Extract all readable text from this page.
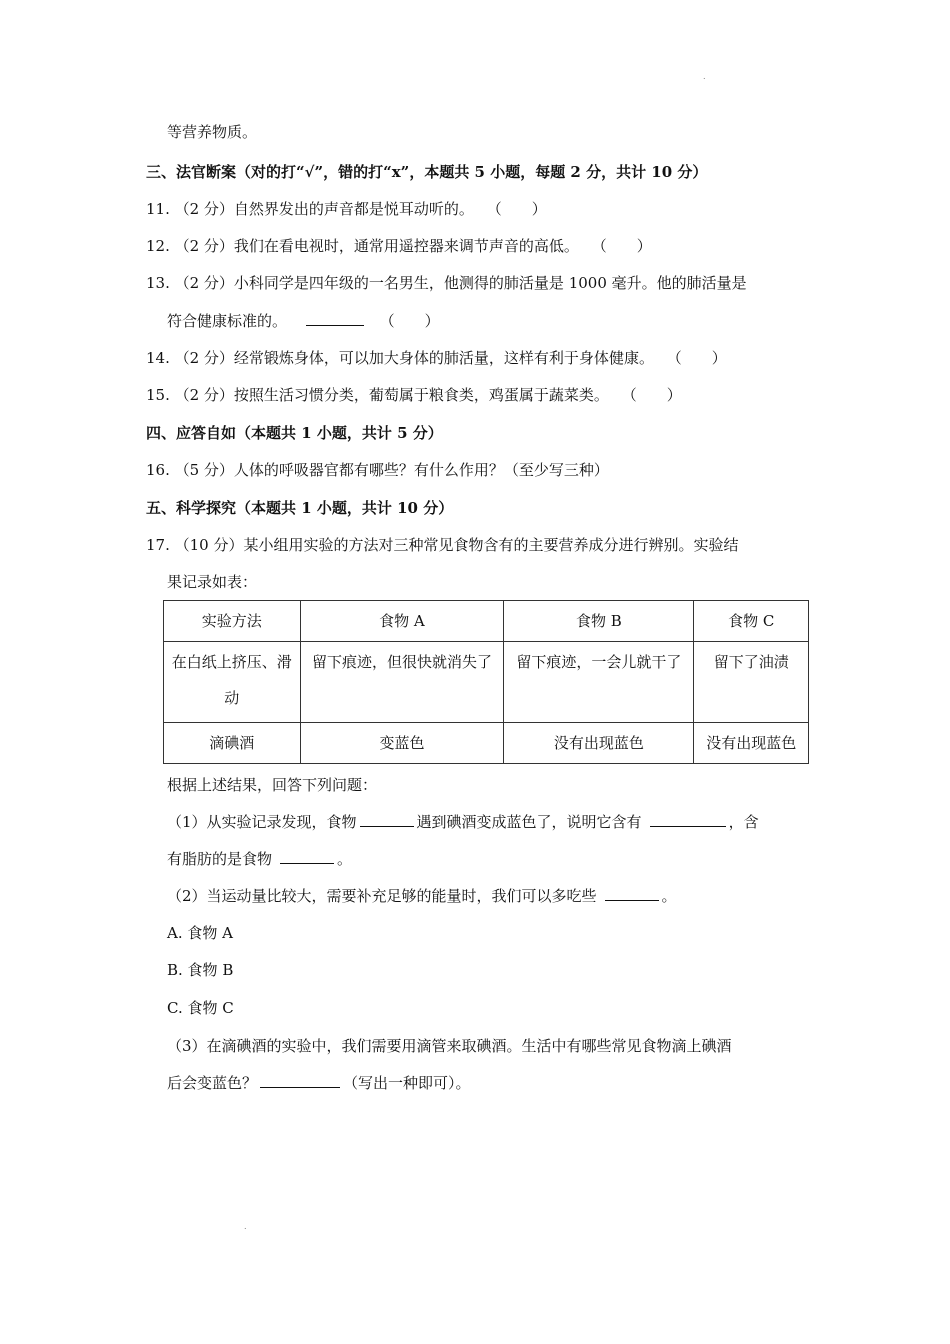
.
等营养物质。
三、法官断案（对的打“√”，错的打“x”，本题共 5 小题，每题 2 分，共计 10 分）
11. （2 分）自然界发出的声音都是悦耳动听的。 （ ）
12. （2 分）我们在看电视时，通常用遥控器来调节声音的高低。 （ ）
13. （2 分）小科同学是四年级的一名男生，他测得的肺活量是 1000 毫升。他的肺活量是
符合健康标准的。	（ ）
14. （2 分）经常锻炼身体，可以加大身体的肺活量，这样有利于身体健康。 （ ）
15. （2 分）按照生活习惯分类，葡萄属于粮食类，鸡蛋属于蔬菜类。 （ ）
四、应答自如（本题共 1 小题，共计 5 分）
16. （5 分）人体的呼吸器官都有哪些？有什么作用？（至少写三种）
五、科学探究（本题共 1 小题，共计 10 分）
17. （10 分）某小组用实验的方法对三种常见食物含有的主要营养成分进行辨别。实验结
果记录如表：
实验方法	食物 A	食物 B	食物 C
在白纸上挤压、滑动	留下痕迹，但很快就消失了	留下痕迹，一会儿就干了	留下了油渍
滴碘酒	变蓝色	没有出现蓝色	没有出现蓝色
根据上述结果，回答下列问题：
（1）从实验记录发现，食物	遇到碘酒变成蓝色了，说明它含有	，含
有脂肪的是食物	。
（2）当运动量比较大，需要补充足够的能量时，我们可以多吃些	。
A. 食物 A
B. 食物 B
C. 食物 C
（3）在滴碘酒的实验中，我们需要用滴管来取碘酒。生活中有哪些常见食物滴上碘酒
后会变蓝色？	（写出一种即可）。
.
